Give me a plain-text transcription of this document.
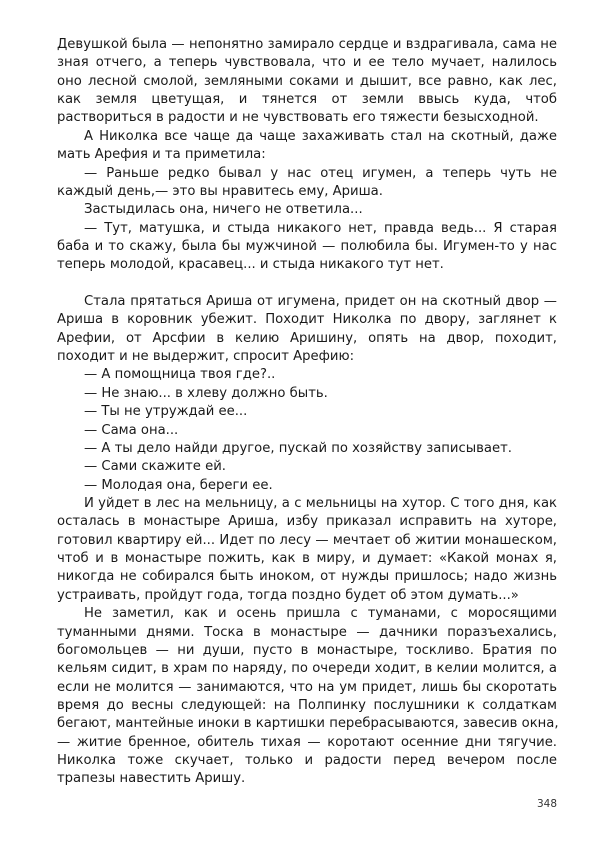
Девушкой была — непонятно замирало сердце и вздрагивала, сама не
зная отчего, а теперь чувствовала, что и ее тело мучает, налилось
оно лесной смолой, земляными соками и дышит, все равно, как лес,
как земля цветущая, и тянется от земли ввысь куда, чтоб
раствориться в радости и не чувствовать его тяжести безысходной.
А Николка все чаще да чаще захаживать стал на скотный, даже
мать Арефия и та приметила:
— Раньше редко бывал у нас отец игумен, а теперь чуть не
каждый день,— это вы нравитесь ему, Ариша.
Застыдилась она, ничего не ответила...
— Тут, матушка, и стыда никакого нет, правда ведь... Я старая
баба и то скажу, была бы мужчиной — полюбила бы. Игумен-то у нас
теперь молодой, красавец... и стыда никакого тут нет.
Стала прятаться Ариша от игумена, придет он на скотный двор —
Ариша в коровник убежит. Походит Николка по двору, заглянет к
Арефии, от Арсфии в келию Аришину, опять на двор, походит,
походит и не выдержит, спросит Арефию:
— А помощница твоя где?..
— Не знаю... в хлеву должно быть.
— Ты не утруждай ее...
— Сама она...
— А ты дело найди другое, пускай по хозяйству записывает.
— Сами скажите ей.
— Молодая она, береги ее.
И уйдет в лес на мельницу, а с мельницы на хутор. С того дня, как
осталась в монастыре Ариша, избу приказал исправить на хуторе,
готовил квартиру ей... Идет по лесу — мечтает об житии монашеском,
чтоб и в монастыре пожить, как в миру, и думает: «Какой монах я,
никогда не собирался быть иноком, от нужды пришлось; надо жизнь
устраивать, пройдут года, тогда поздно будет об этом думать...»
Не заметил, как и осень пришла с туманами, с моросящими
туманными днями. Тоска в монастыре — дачники поразъехались,
богомольцев — ни души, пусто в монастыре, тоскливо. Братия по
кельям сидит, в храм по наряду, по очереди ходит, в келии молится, а
если не молится — занимаются, что на ум придет, лишь бы скоротать
время до весны следующей: на Полпинку послушники к солдаткам
бегают, мантейные иноки в картишки перебрасываются, завесив окна,
— житие бренное, обитель тихая — коротают осенние дни тягучие.
Николка тоже скучает, только и радости перед вечером после
трапезы навестить Аришу.
348
